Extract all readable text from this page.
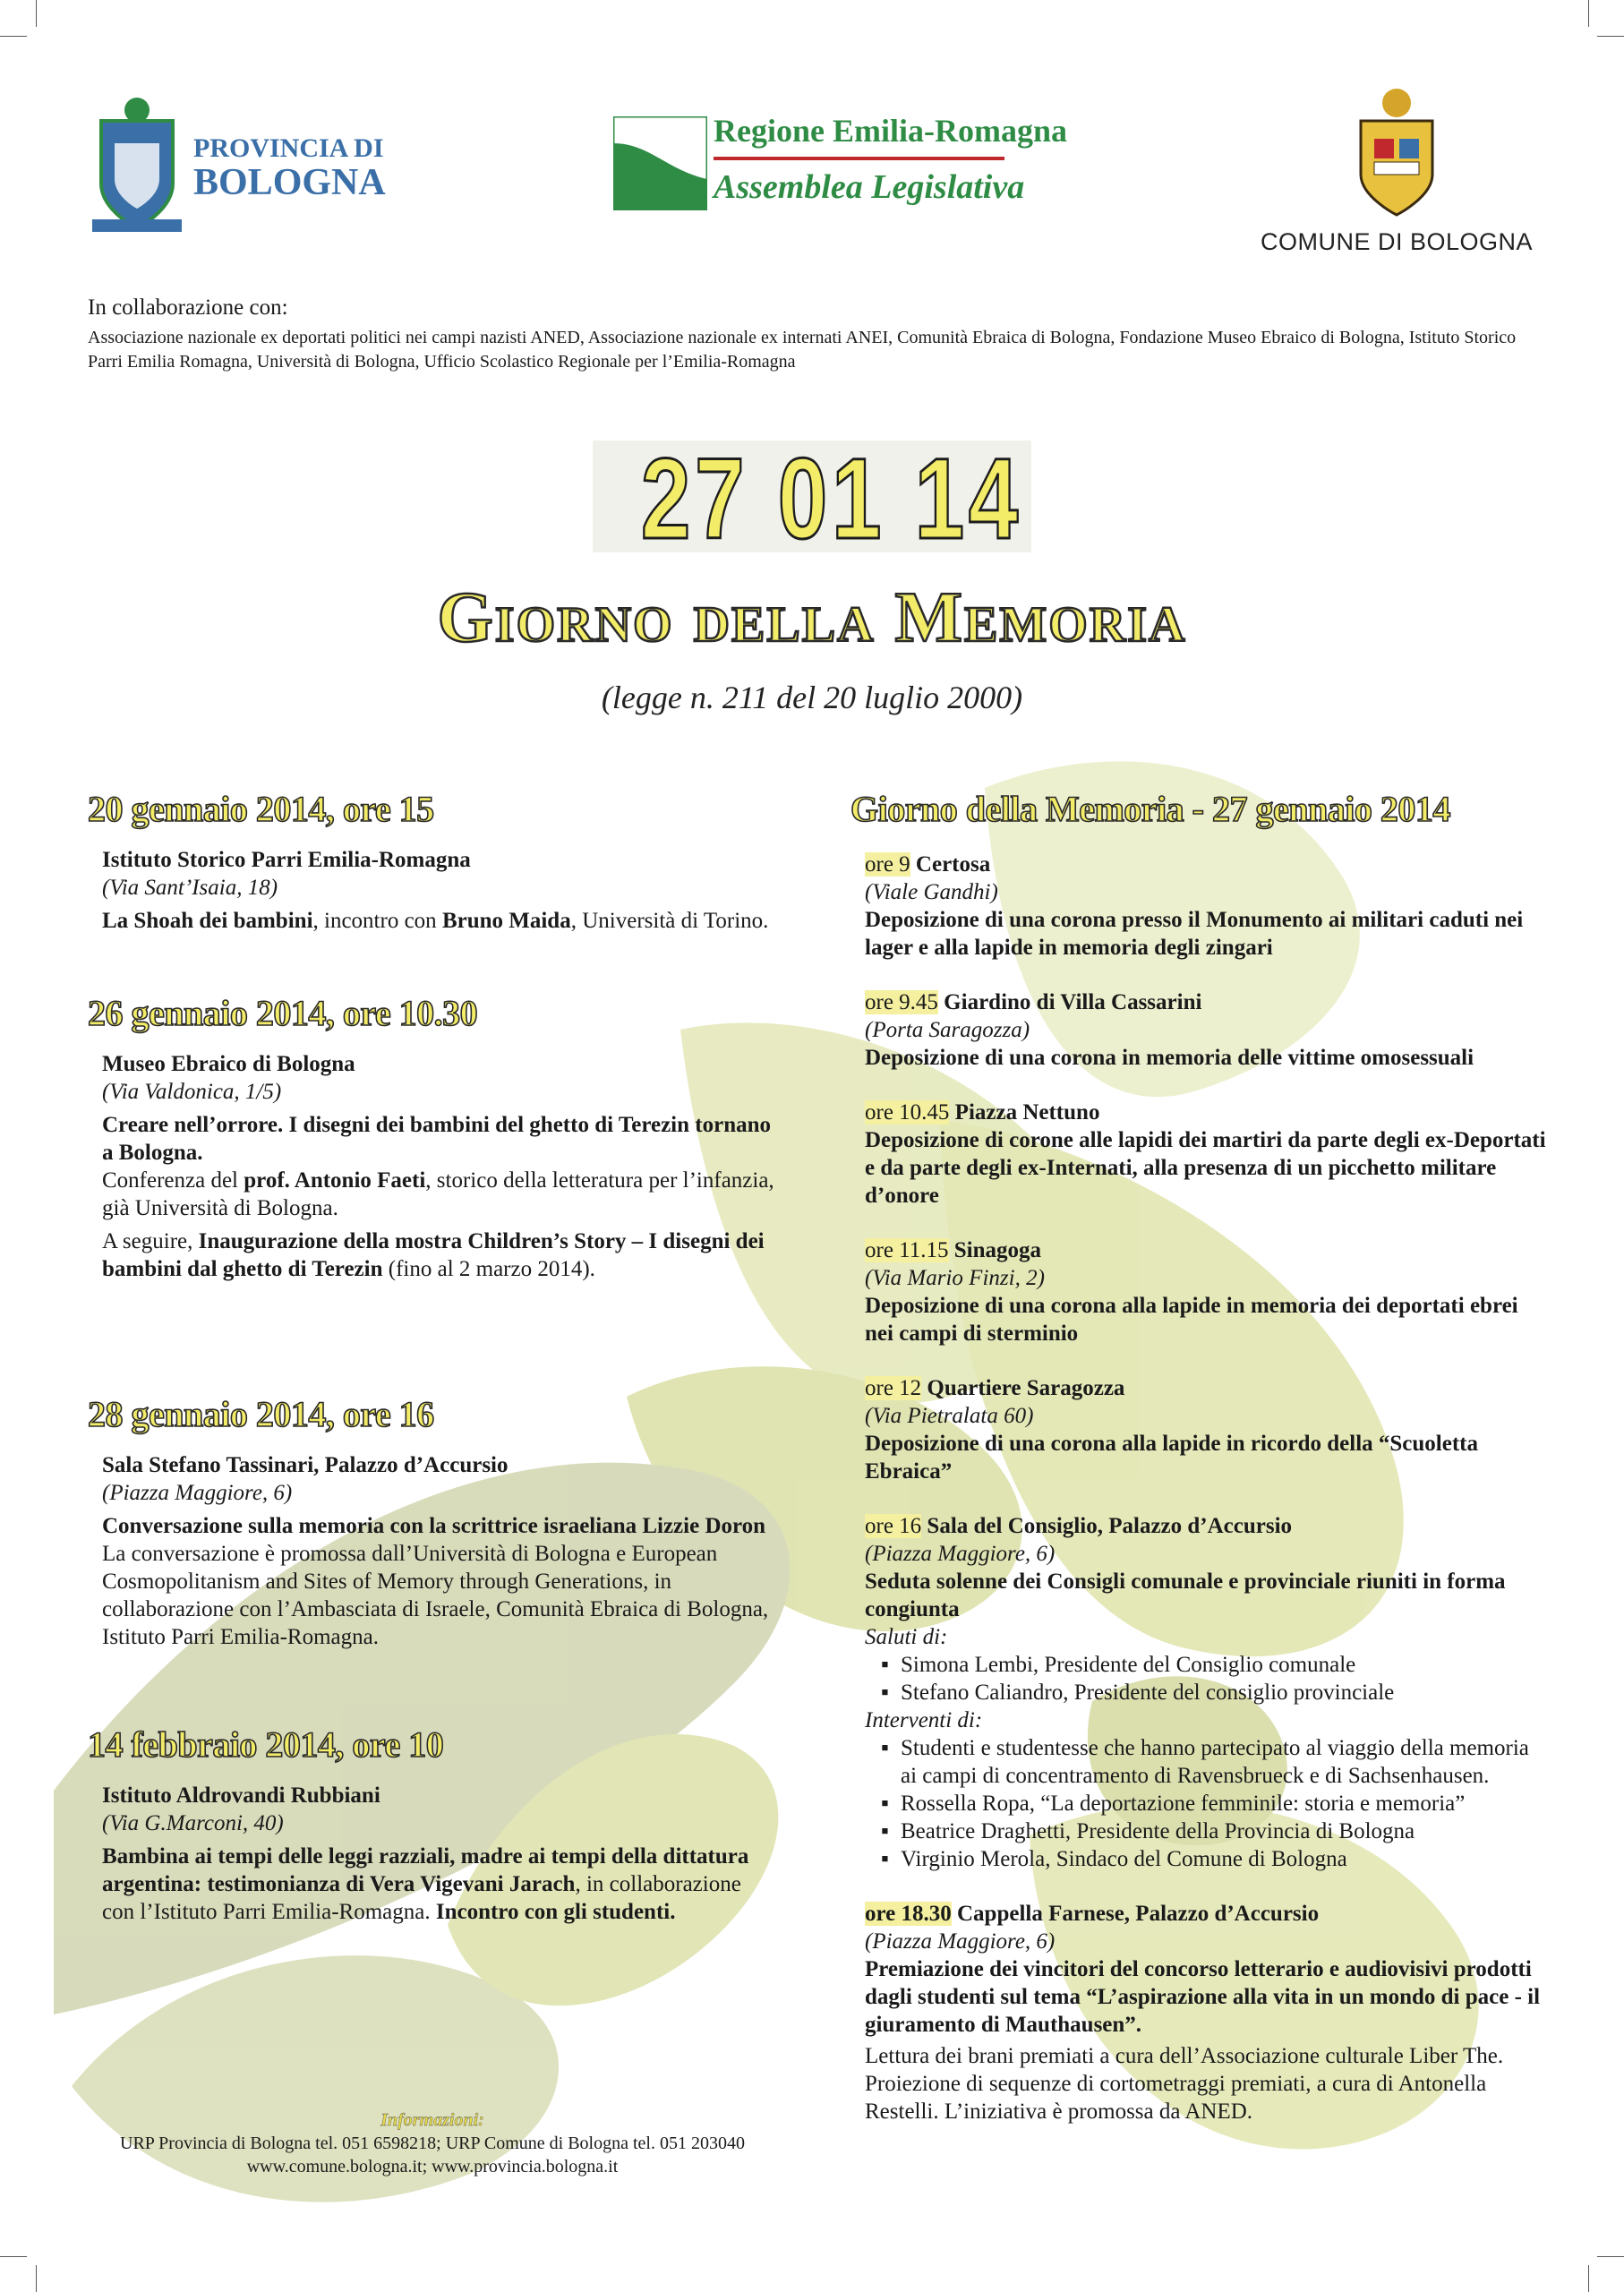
PROVINCIA DI
BOLOGNA
Regione Emilia-Romagna
Assemblea Legislativa
COMUNE DI BOLOGNA
In collaborazione con:
Associazione nazionale ex deportati politici nei campi nazisti ANED, Associazione nazionale ex internati ANEI, Comunità Ebraica di Bologna, Fondazione Museo Ebraico di Bologna, Istituto Storico Parri Emilia Romagna, Università di Bologna, Ufficio Scolastico Regionale per l’Emilia-Romagna
27 01 14
Giorno della Memoria
(legge n. 211 del 20 luglio 2000)
20 gennaio 2014, ore 15
Istituto Storico Parri Emilia-Romagna
(Via Sant’Isaia, 18)
La Shoah dei bambini, incontro con Bruno Maida, Università di Torino.
26 gennaio 2014, ore 10.30
Museo Ebraico di Bologna
(Via Valdonica, 1/5)
Creare nell’orrore. I disegni dei bambini del ghetto di Terezin tornano a Bologna.
Conferenza del prof. Antonio Faeti, storico della letteratura per l’infanzia, già Università di Bologna.
A seguire, Inaugurazione della mostra Children’s Story – I disegni dei bambini dal ghetto di Terezin (fino al 2 marzo 2014).
28 gennaio 2014, ore 16
Sala Stefano Tassinari, Palazzo d’Accursio
(Piazza Maggiore, 6)
Conversazione sulla memoria con la scrittrice israeliana Lizzie Doron
La conversazione è promossa dall’Università di Bologna e European Cosmopolitanism and Sites of Memory through Generations, in collaborazione con l’Ambasciata di Israele, Comunità Ebraica di Bologna, Istituto Parri Emilia-Romagna.
14 febbraio 2014, ore 10
Istituto Aldrovandi Rubbiani
(Via G.Marconi, 40)
Bambina ai tempi delle leggi razziali, madre ai tempi della dittatura argentina: testimonianza di Vera Vigevani Jarach, in collaborazione con l’Istituto Parri Emilia-Romagna. Incontro con gli studenti.
Giorno della Memoria - 27 gennaio 2014
ore 9 Certosa
(Viale Gandhi)
Deposizione di una corona presso il Monumento ai militari caduti nei lager e alla lapide in memoria degli zingari
ore 9.45 Giardino di Villa Cassarini
(Porta Saragozza)
Deposizione di una corona in memoria delle vittime omosessuali
ore 10.45 Piazza Nettuno
Deposizione di corone alle lapidi dei martiri da parte degli ex-Deportati e da parte degli ex-Internati, alla presenza di un picchetto militare d’onore
ore 11.15 Sinagoga
(Via Mario Finzi, 2)
Deposizione di una corona alla lapide in memoria dei deportati ebrei nei campi di sterminio
ore 12 Quartiere Saragozza
(Via Pietralata 60)
Deposizione di una corona alla lapide in ricordo della “Scuoletta Ebraica”
ore 16 Sala del Consiglio, Palazzo d’Accursio
(Piazza Maggiore, 6)
Seduta solenne dei Consigli comunale e provinciale riuniti in forma congiunta
Saluti di:
▪ Simona Lembi, Presidente del Consiglio comunale
▪ Stefano Caliandro, Presidente del consiglio provinciale
Interventi di:
▪ Studenti e studentesse che hanno partecipato al viaggio della memoria ai campi di concentramento di Ravensbrueck e di Sachsenhausen.
▪ Rossella Ropa, “La deportazione femminile: storia e memoria”
▪ Beatrice Draghetti, Presidente della Provincia di Bologna
▪ Virginio Merola, Sindaco del Comune di Bologna
ore 18.30 Cappella Farnese, Palazzo d’Accursio
(Piazza Maggiore, 6)
Premiazione dei vincitori del concorso letterario e audiovisivi prodotti dagli studenti sul tema “L’aspirazione alla vita in un mondo di pace - il giuramento di Mauthausen”.
Lettura dei brani premiati a cura dell’Associazione culturale Liber The. Proiezione di sequenze di cortometraggi premiati, a cura di Antonella Restelli. L’iniziativa è promossa da ANED.
Informazioni:
URP Provincia di Bologna tel. 051 6598218; URP Comune di Bologna tel. 051 203040
www.comune.bologna.it; www.provincia.bologna.it
